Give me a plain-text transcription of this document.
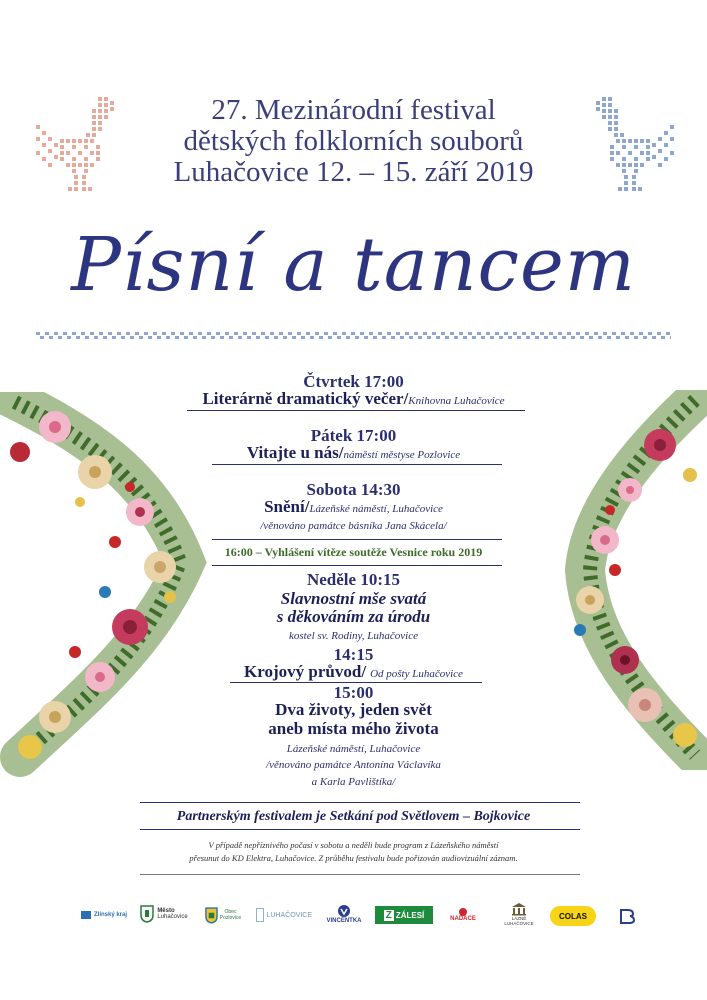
27. Mezinárodní festival
dětských folklorních souborů
Luhačovice 12. – 15. září 2019
Písní a tancem
Čtvrtek 17:00
Literárně dramatický večer/Knihovna Luhačovice
Pátek 17:00
Vitajte u nás/náměstí městyse Pozlovice
Sobota 14:30
Snění/Lázeňské náměstí, Luhačovice
/věnováno památce básníka Jana Skácela/
16:00 – Vyhlášení vítěze soutěže Vesnice roku 2019
Neděle 10:15
Slavnostní mše svatá
s děkováním za úrodu
kostel sv. Rodiny, Luhačovice
14:15
Krojový průvod/ Od pošty Luhačovice
15:00
Dva životy, jeden svět
aneb místa mého života
Lázeňské náměstí, Luhačovice
/věnováno památce Antonína Václavíka
a Karla Pavlištíka/
Partnerským festivalem je Setkání pod Světlovem – Bojkovice
V případě nepříznivého počasí v sobotu a neděli bude program z Lázeňského náměstí
přesunut do KD Elektra, Luhačovice. Z průběhu festivalu bude pořizován audiovizuální záznam.
Zlínský kraj
Město
Luhačovice
Obec Pozlovice	LUHAČOVICE
VINCENTKA
Z ZÁLESÍ	NADACE	LÁZNĚ LUHAČOVICE
COLAS
